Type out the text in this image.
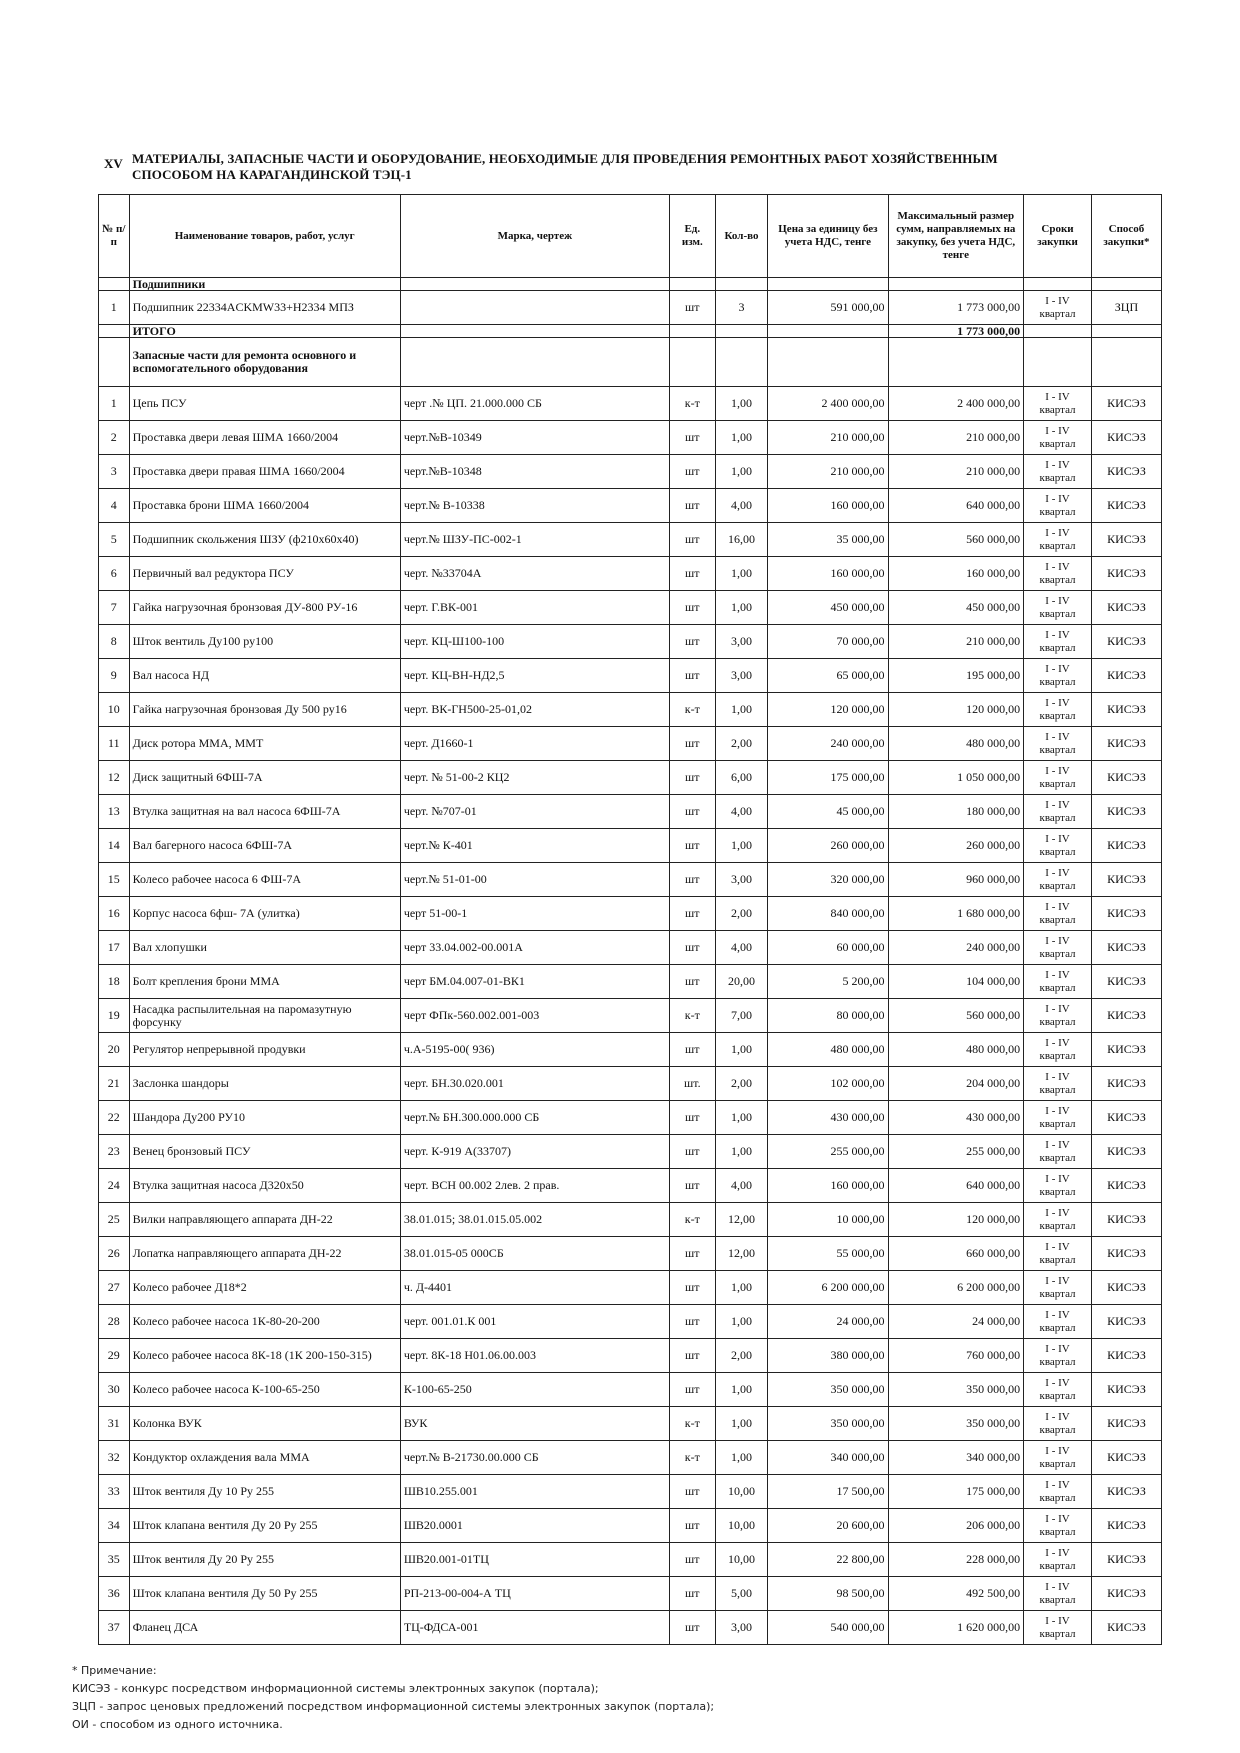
XV МАТЕРИАЛЫ, ЗАПАСНЫЕ ЧАСТИ И ОБОРУДОВАНИЕ, НЕОБХОДИМЫЕ ДЛЯ ПРОВЕДЕНИЯ РЕМОНТНЫХ РАБОТ ХОЗЯЙСТВЕННЫМ СПОСОБОМ НА КАРАГАНДИНСКОЙ ТЭЦ-1
№ п/п	Наименование товаров, работ, услуг	Марка, чертеж	Ед. изм.	Кол-во	Цена за единицу без учета НДС, тенге	Максимальный размер сумм, направляемых на закупку, без учета НДС, тенге	Сроки закупки	Способ закупки*
	Подшипники							
1	Подшипник 22334ACKMW33+H2334 МПЗ		шт	3	591 000,00	1 773 000,00	I - IV квартал	ЗЦП
	ИТОГО					1 773 000,00		
	Запасные части для ремонта основного и вспомогательного оборудования							
1	Цепь ПСУ	черт .№ ЦП. 21.000.000 СБ	к-т	1,00	2 400 000,00	2 400 000,00	I - IV квартал	КИСЭЗ
2	Проставка двери левая ШМА 1660/2004	черт.№В-10349	шт	1,00	210 000,00	210 000,00	I - IV квартал	КИСЭЗ
3	Проставка двери правая ШМА 1660/2004	черт.№В-10348	шт	1,00	210 000,00	210 000,00	I - IV квартал	КИСЭЗ
4	Проставка брони ШМА 1660/2004	черт.№ В-10338	шт	4,00	160 000,00	640 000,00	I - IV квартал	КИСЭЗ
5	Подшипник скольжения ШЗУ (ф210х60х40)	черт.№ ШЗУ-ПС-002-1	шт	16,00	35 000,00	560 000,00	I - IV квартал	КИСЭЗ
6	Первичный вал редуктора ПСУ	черт. №33704А	шт	1,00	160 000,00	160 000,00	I - IV квартал	КИСЭЗ
7	Гайка нагрузочная бронзовая ДУ-800 РУ-16	черт. Г.ВК-001	шт	1,00	450 000,00	450 000,00	I - IV квартал	КИСЭЗ
8	Шток вентиль Ду100 ру100	черт. КЦ-Ш100-100	шт	3,00	70 000,00	210 000,00	I - IV квартал	КИСЭЗ
9	Вал насоса НД	черт. КЦ-ВН-НД2,5	шт	3,00	65 000,00	195 000,00	I - IV квартал	КИСЭЗ
10	Гайка нагрузочная бронзовая Ду 500 ру16	черт. ВК-ГН500-25-01,02	к-т	1,00	120 000,00	120 000,00	I - IV квартал	КИСЭЗ
11	Диск ротора ММА, ММТ	черт. Д1660-1	шт	2,00	240 000,00	480 000,00	I - IV квартал	КИСЭЗ
12	Диск защитный 6ФШ-7А	черт. № 51-00-2 КЦ2	шт	6,00	175 000,00	1 050 000,00	I - IV квартал	КИСЭЗ
13	Втулка защитная на вал насоса 6ФШ-7А	черт. №707-01	шт	4,00	45 000,00	180 000,00	I - IV квартал	КИСЭЗ
14	Вал багерного насоса 6ФШ-7А	черт.№ К-401	шт	1,00	260 000,00	260 000,00	I - IV квартал	КИСЭЗ
15	Колесо рабочее насоса 6 ФШ-7А	черт.№ 51-01-00	шт	3,00	320 000,00	960 000,00	I - IV квартал	КИСЭЗ
16	Корпус насоса 6фш- 7А (улитка)	черт 51-00-1	шт	2,00	840 000,00	1 680 000,00	I - IV квартал	КИСЭЗ
17	Вал хлопушки	черт 33.04.002-00.001А	шт	4,00	60 000,00	240 000,00	I - IV квартал	КИСЭЗ
18	Болт крепления брони ММА	черт БМ.04.007-01-ВК1	шт	20,00	5 200,00	104 000,00	I - IV квартал	КИСЭЗ
19	Насадка распылительная на паромазутную форсунку	черт ФПк-560.002.001-003	к-т	7,00	80 000,00	560 000,00	I - IV квартал	КИСЭЗ
20	Регулятор непрерывной продувки	ч.А-5195-00( 936)	шт	1,00	480 000,00	480 000,00	I - IV квартал	КИСЭЗ
21	Заслонка шандоры	черт. БН.30.020.001	шт.	2,00	102 000,00	204 000,00	I - IV квартал	КИСЭЗ
22	Шандора Ду200 РУ10	черт.№ БН.300.000.000 СБ	шт	1,00	430 000,00	430 000,00	I - IV квартал	КИСЭЗ
23	Венец бронзовый ПСУ	черт. К-919 А(33707)	шт	1,00	255 000,00	255 000,00	I - IV квартал	КИСЭЗ
24	Втулка защитная насоса Д320х50	черт. ВСН 00.002 2лев. 2 прав.	шт	4,00	160 000,00	640 000,00	I - IV квартал	КИСЭЗ
25	Вилки направляющего аппарата ДН-22	38.01.015; 38.01.015.05.002	к-т	12,00	10 000,00	120 000,00	I - IV квартал	КИСЭЗ
26	Лопатка направляющего аппарата ДН-22	38.01.015-05 000СБ	шт	12,00	55 000,00	660 000,00	I - IV квартал	КИСЭЗ
27	Колесо рабочее Д18*2	ч. Д-4401	шт	1,00	6 200 000,00	6 200 000,00	I - IV квартал	КИСЭЗ
28	Колесо рабочее насоса 1К-80-20-200	черт. 001.01.К 001	шт	1,00	24 000,00	24 000,00	I - IV квартал	КИСЭЗ
29	Колесо рабочее насоса 8К-18 (1К 200-150-315)	черт. 8К-18 Н01.06.00.003	шт	2,00	380 000,00	760 000,00	I - IV квартал	КИСЭЗ
30	Колесо рабочее насоса К-100-65-250	К-100-65-250	шт	1,00	350 000,00	350 000,00	I - IV квартал	КИСЭЗ
31	Колонка ВУК	ВУК	к-т	1,00	350 000,00	350 000,00	I - IV квартал	КИСЭЗ
32	Кондуктор охлаждения вала ММА	черт.№ В-21730.00.000 СБ	к-т	1,00	340 000,00	340 000,00	I - IV квартал	КИСЭЗ
33	Шток вентиля Ду 10 Ру 255	ШВ10.255.001	шт	10,00	17 500,00	175 000,00	I - IV квартал	КИСЭЗ
34	Шток клапана вентиля Ду 20 Ру 255	ШВ20.0001	шт	10,00	20 600,00	206 000,00	I - IV квартал	КИСЭЗ
35	Шток вентиля Ду 20 Ру 255	ШВ20.001-01ТЦ	шт	10,00	22 800,00	228 000,00	I - IV квартал	КИСЭЗ
36	Шток клапана вентиля Ду 50 Ру 255	РП-213-00-004-А ТЦ	шт	5,00	98 500,00	492 500,00	I - IV квартал	КИСЭЗ
37	Фланец ДСА	ТЦ-ФДСА-001	шт	3,00	540 000,00	1 620 000,00	I - IV квартал	КИСЭЗ
* Примечание:
КИСЭЗ - конкурс посредством информационной системы электронных закупок (портала);
ЗЦП - запрос ценовых предложений посредством информационной системы электронных закупок (портала);
ОИ - способом из одного источника.
